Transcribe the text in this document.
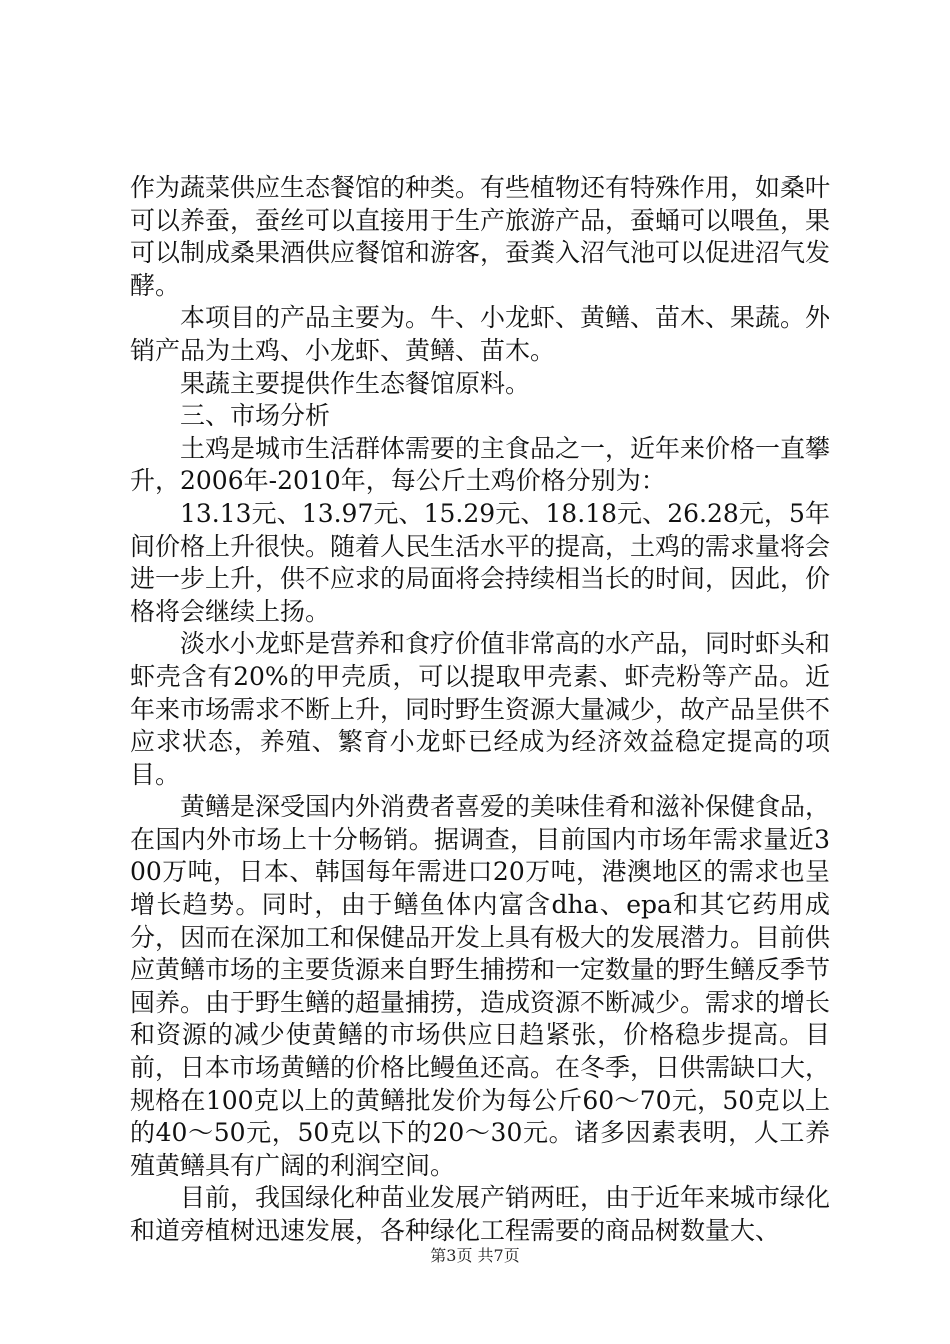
作为蔬菜供应生态餐馆的种类。有些植物还有特殊作用，如桑叶可以养蚕，蚕丝可以直接用于生产旅游产品，蚕蛹可以喂鱼，果可以制成桑果酒供应餐馆和游客，蚕粪入沼气池可以促进沼气发酵。

本项目的产品主要为。牛、小龙虾、黄鳝、苗木、果蔬。外销产品为土鸡、小龙虾、黄鳝、苗木。

果蔬主要提供作生态餐馆原料。

三、市场分析

土鸡是城市生活群体需要的主食品之一，近年来价格一直攀升，2006年-2010年，每公斤土鸡价格分别为：

13.13元、13.97元、15.29元、18.18元、26.28元，5年间价格上升很快。随着人民生活水平的提高，土鸡的需求量将会进一步上升，供不应求的局面将会持续相当长的时间，因此，价格将会继续上扬。

淡水小龙虾是营养和食疗价值非常高的水产品，同时虾头和虾壳含有20%的甲壳质，可以提取甲壳素、虾壳粉等产品。近年来市场需求不断上升，同时野生资源大量减少，故产品呈供不应求状态，养殖、繁育小龙虾已经成为经济效益稳定提高的项目。

黄鳝是深受国内外消费者喜爱的美味佳肴和滋补保健食品，在国内外市场上十分畅销。据调查，目前国内市场年需求量近300万吨，日本、韩国每年需进口20万吨，港澳地区的需求也呈增长趋势。同时，由于鳝鱼体内富含dha、epa和其它药用成分，因而在深加工和保健品开发上具有极大的发展潜力。目前供应黄鳝市场的主要货源来自野生捕捞和一定数量的野生鳝反季节囤养。由于野生鳝的超量捕捞，造成资源不断减少。需求的增长和资源的减少使黄鳝的市场供应日趋紧张，价格稳步提高。目前，日本市场黄鳝的价格比鳗鱼还高。在冬季，日供需缺口大，规格在100克以上的黄鳝批发价为每公斤60～70元，50克以上的40～50元，50克以下的20～30元。诸多因素表明，人工养殖黄鳝具有广阔的利润空间。

目前，我国绿化种苗业发展产销两旺，由于近年来城市绿化和道旁植树迅速发展，各种绿化工程需要的商品树数量大、

第3页 共7页
